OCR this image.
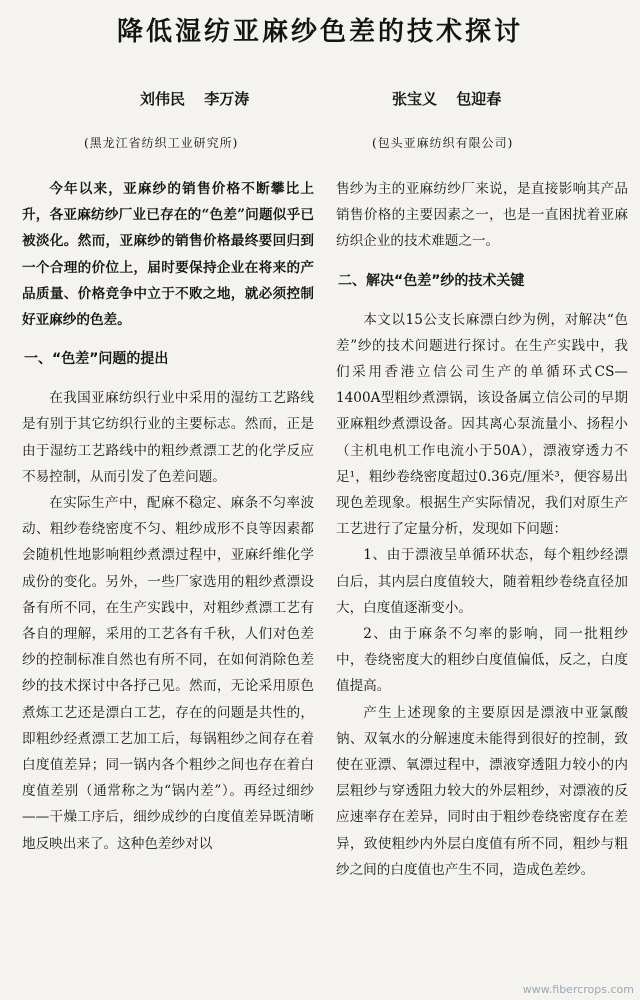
降低湿纺亚麻纱色差的技术探讨
刘伟民 李万涛	张宝义 包迎春
(黑龙江省纺织工业研究所)	(包头亚麻纺织有限公司)

今年以来，亚麻纱的销售价格不断攀比上升，各亚麻纺纱厂业已存在的“色差”问题似乎已被淡化。然而，亚麻纱的销售价格最终要回归到一个合理的价位上，届时要保持企业在将来的产品质量、价格竞争中立于不败之地，就必须控制好亚麻纱的色差。

一、“色差”问题的提出

在我国亚麻纺织行业中采用的湿纺工艺路线是有别于其它纺织行业的主要标志。然而，正是由于湿纺工艺路线中的粗纱煮漂工艺的化学反应不易控制，从而引发了色差问题。

在实际生产中，配麻不稳定、麻条不匀率波动、粗纱卷绕密度不匀、粗纱成形不良等因素都会随机性地影响粗纱煮漂过程中，亚麻纤维化学成份的变化。另外，一些厂家选用的粗纱煮漂设备有所不同，在生产实践中，对粗纱煮漂工艺有各自的理解，采用的工艺各有千秋，人们对色差纱的控制标准自然也有所不同，在如何消除色差纱的技术探讨中各抒己见。然而，无论采用原色煮炼工艺还是漂白工艺，存在的问题是共性的，即粗纱经煮漂工艺加工后，每锅粗纱之间存在着白度值差异；同一锅内各个粗纱之间也存在着白度值差别（通常称之为“锅内差”）。再经过细纱——干燥工序后，细纱成纱的白度值差异既清晰地反映出来了。这种色差纱对以

售纱为主的亚麻纺纱厂来说，是直接影响其产品销售价格的主要因素之一，也是一直困扰着亚麻纺织企业的技术难题之一。

二、解决“色差”纱的技术关键

本文以15公支长麻漂白纱为例，对解决“色差”纱的技术问题进行探讨。在生产实践中，我们采用香港立信公司生产的单循环式CS—1400A型粗纱煮漂锅，该设备属立信公司的早期亚麻粗纱煮漂设备。因其离心泵流量小、扬程小（主机电机工作电流小于50A），漂液穿透力不足¹，粗纱卷绕密度超过0.36克/厘米³，便容易出现色差现象。根据生产实际情况，我们对原生产工艺进行了定量分析，发现如下问题：

1、由于漂液呈单循环状态，每个粗纱经漂白后，其内层白度值较大，随着粗纱卷绕直径加大，白度值逐渐变小。

2、由于麻条不匀率的影响，同一批粗纱中，卷绕密度大的粗纱白度值偏低，反之，白度值提高。

产生上述现象的主要原因是漂液中亚氯酸钠、双氧水的分解速度未能得到很好的控制，致使在亚漂、氧漂过程中，漂液穿透阻力较小的内层粗纱与穿透阻力较大的外层粗纱，对漂液的反应速率存在差异，同时由于粗纱卷绕密度存在差异，致使粗纱内外层白度值有所不同，粗纱与粗纱之间的白度值也产生不同，造成色差纱。

www.fibercrops.com
